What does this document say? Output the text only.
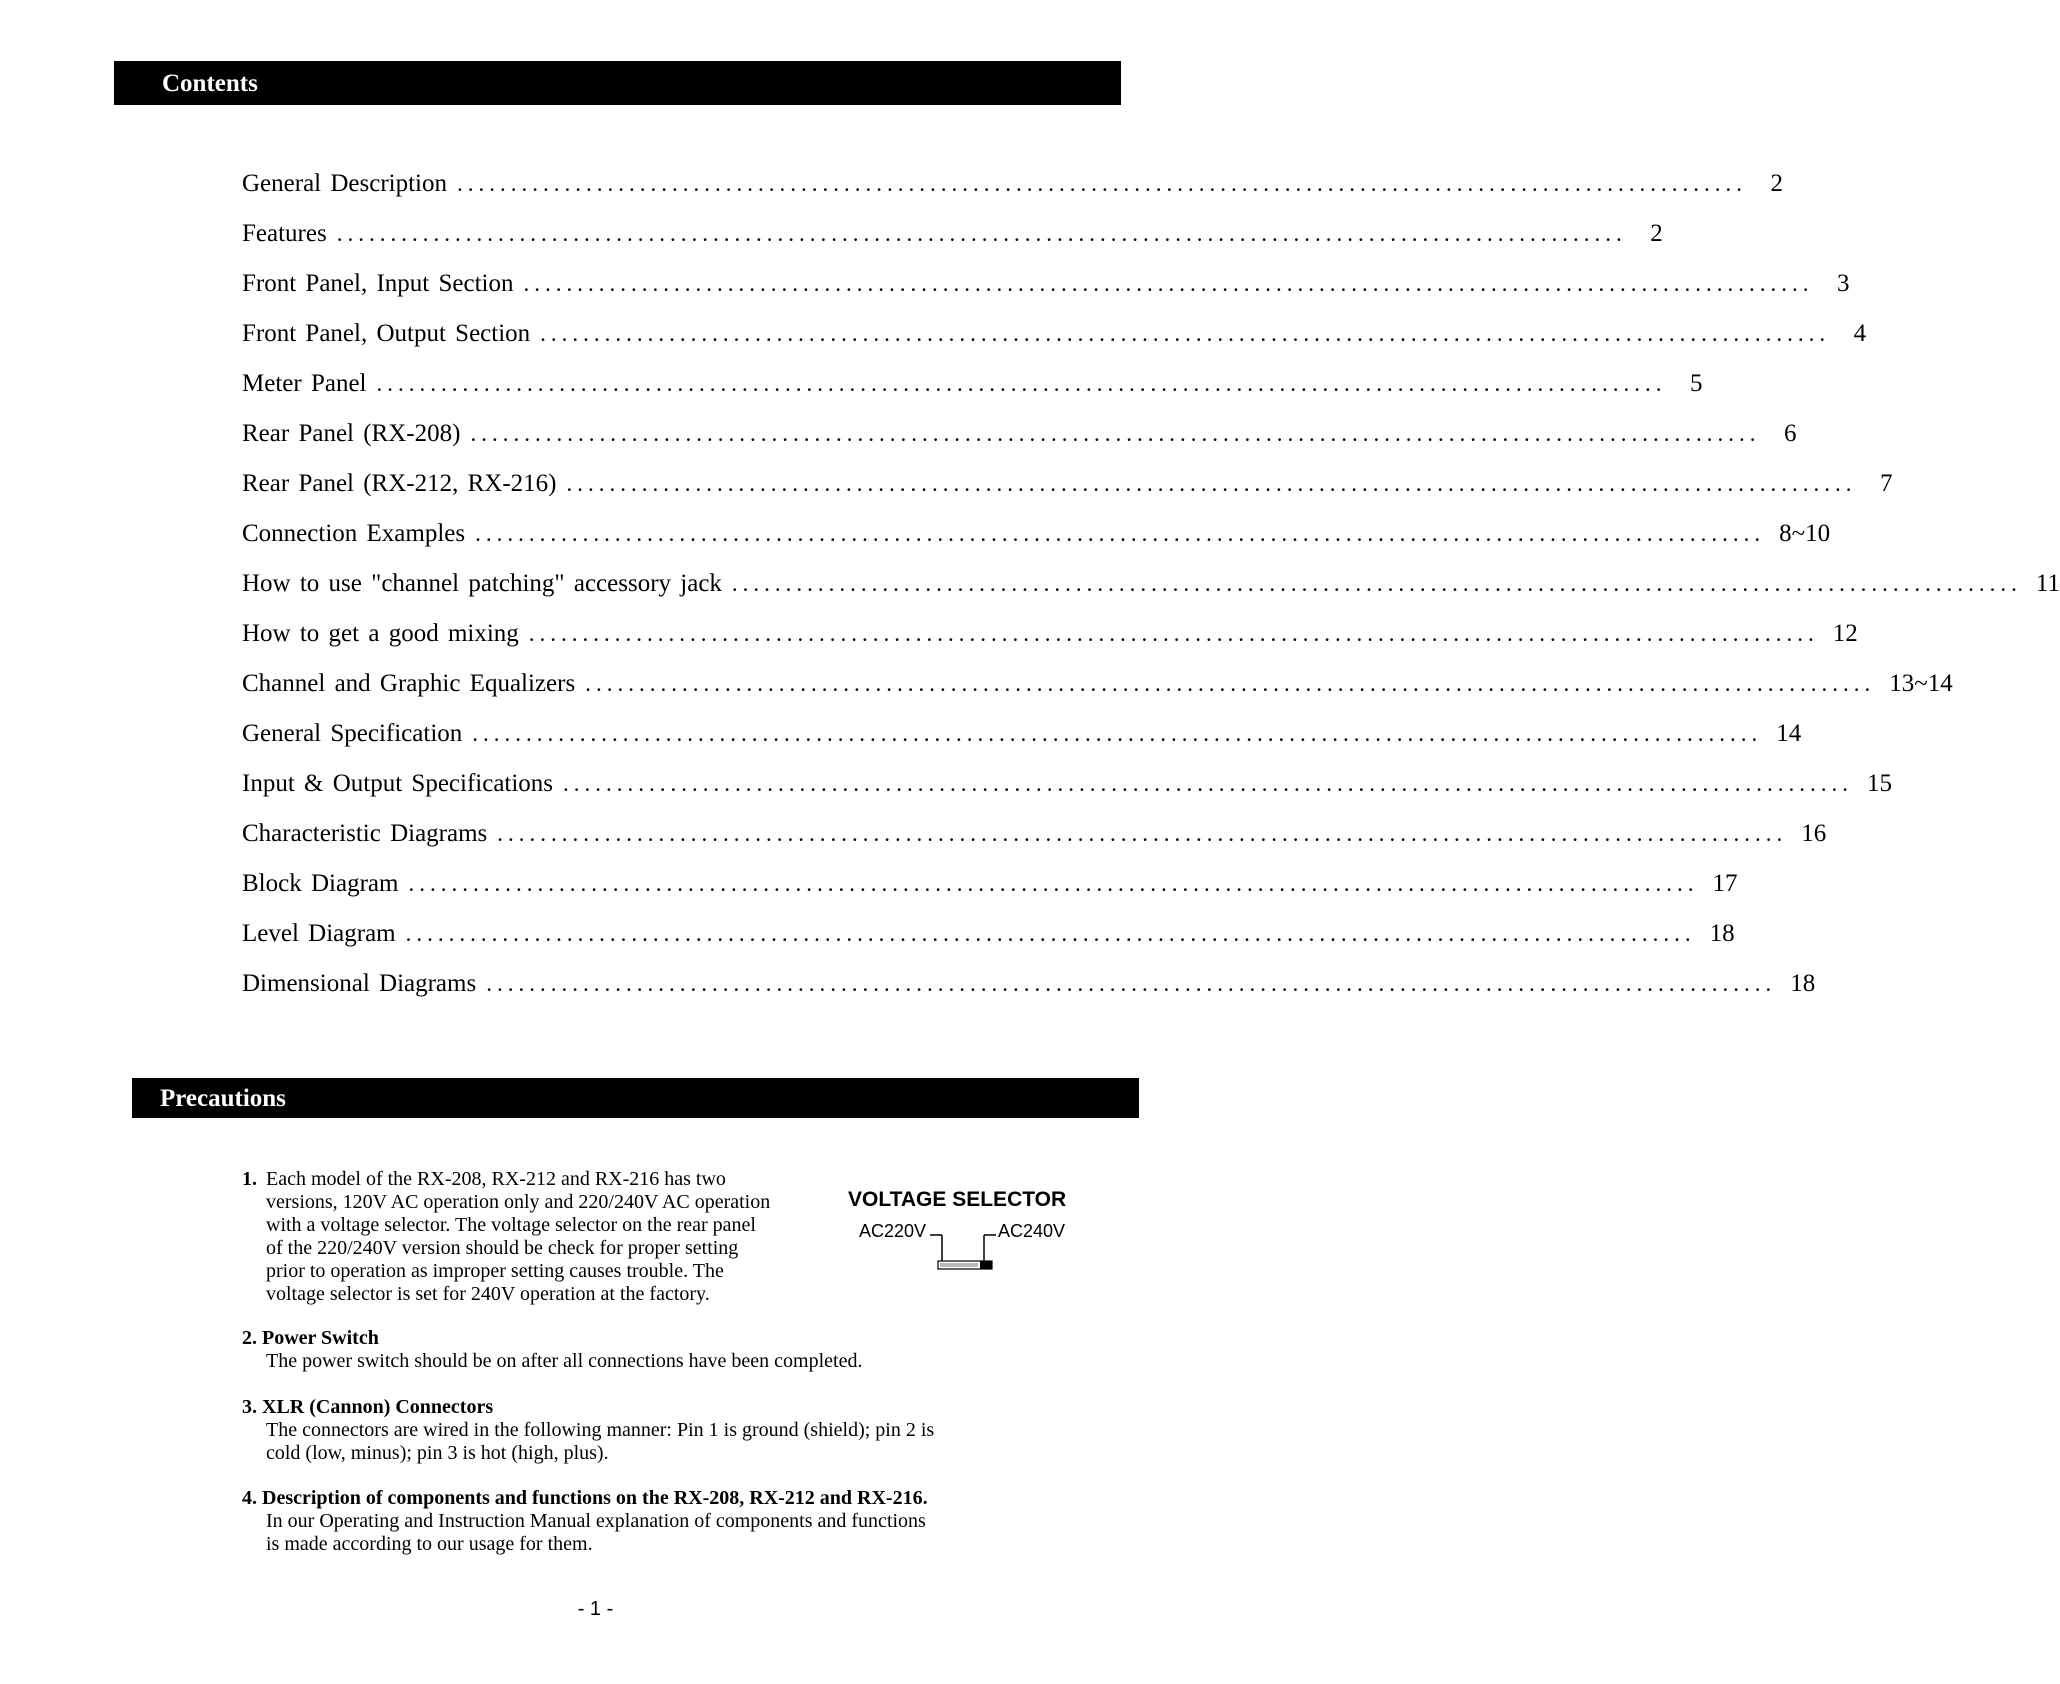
Contents
General Description ........................................................................................................................ 2
Features ........................................................................................................................ 2
Front Panel, Input Section ........................................................................................................................ 3
Front Panel, Output Section ........................................................................................................................ 4
Meter Panel ........................................................................................................................ 5
Rear Panel (RX-208) ........................................................................................................................ 6
Rear Panel (RX-212, RX-216) ........................................................................................................................ 7
Connection Examples ........................................................................................................................ 8~10
How to use "channel patching" accessory jack ........................................................................................................................ 11
How to get a good mixing ........................................................................................................................ 12
Channel and Graphic Equalizers ........................................................................................................................ 13~14
General Specification ........................................................................................................................ 14
Input & Output Specifications ........................................................................................................................ 15
Characteristic Diagrams ........................................................................................................................ 16
Block Diagram ........................................................................................................................ 17
Level Diagram ........................................................................................................................ 18
Dimensional Diagrams ........................................................................................................................ 18
Precautions
1. Each model of the RX-208, RX-212 and RX-216 has two
versions, 120V AC operation only and 220/240V AC operation
with a voltage selector. The voltage selector on the rear panel
of the 220/240V version should be check for proper setting
prior to operation as improper setting causes trouble. The
voltage selector is set for 240V operation at the factory.
VOLTAGE SELECTOR
AC220V	AC240V
2. Power Switch
The power switch should be on after all connections have been completed.
3. XLR (Cannon) Connectors
The connectors are wired in the following manner: Pin 1 is ground (shield); pin 2 is
cold (low, minus); pin 3 is hot (high, plus).
4. Description of components and functions on the RX-208, RX-212 and RX-216.
In our Operating and Instruction Manual explanation of components and functions
is made according to our usage for them.
- 1 -
